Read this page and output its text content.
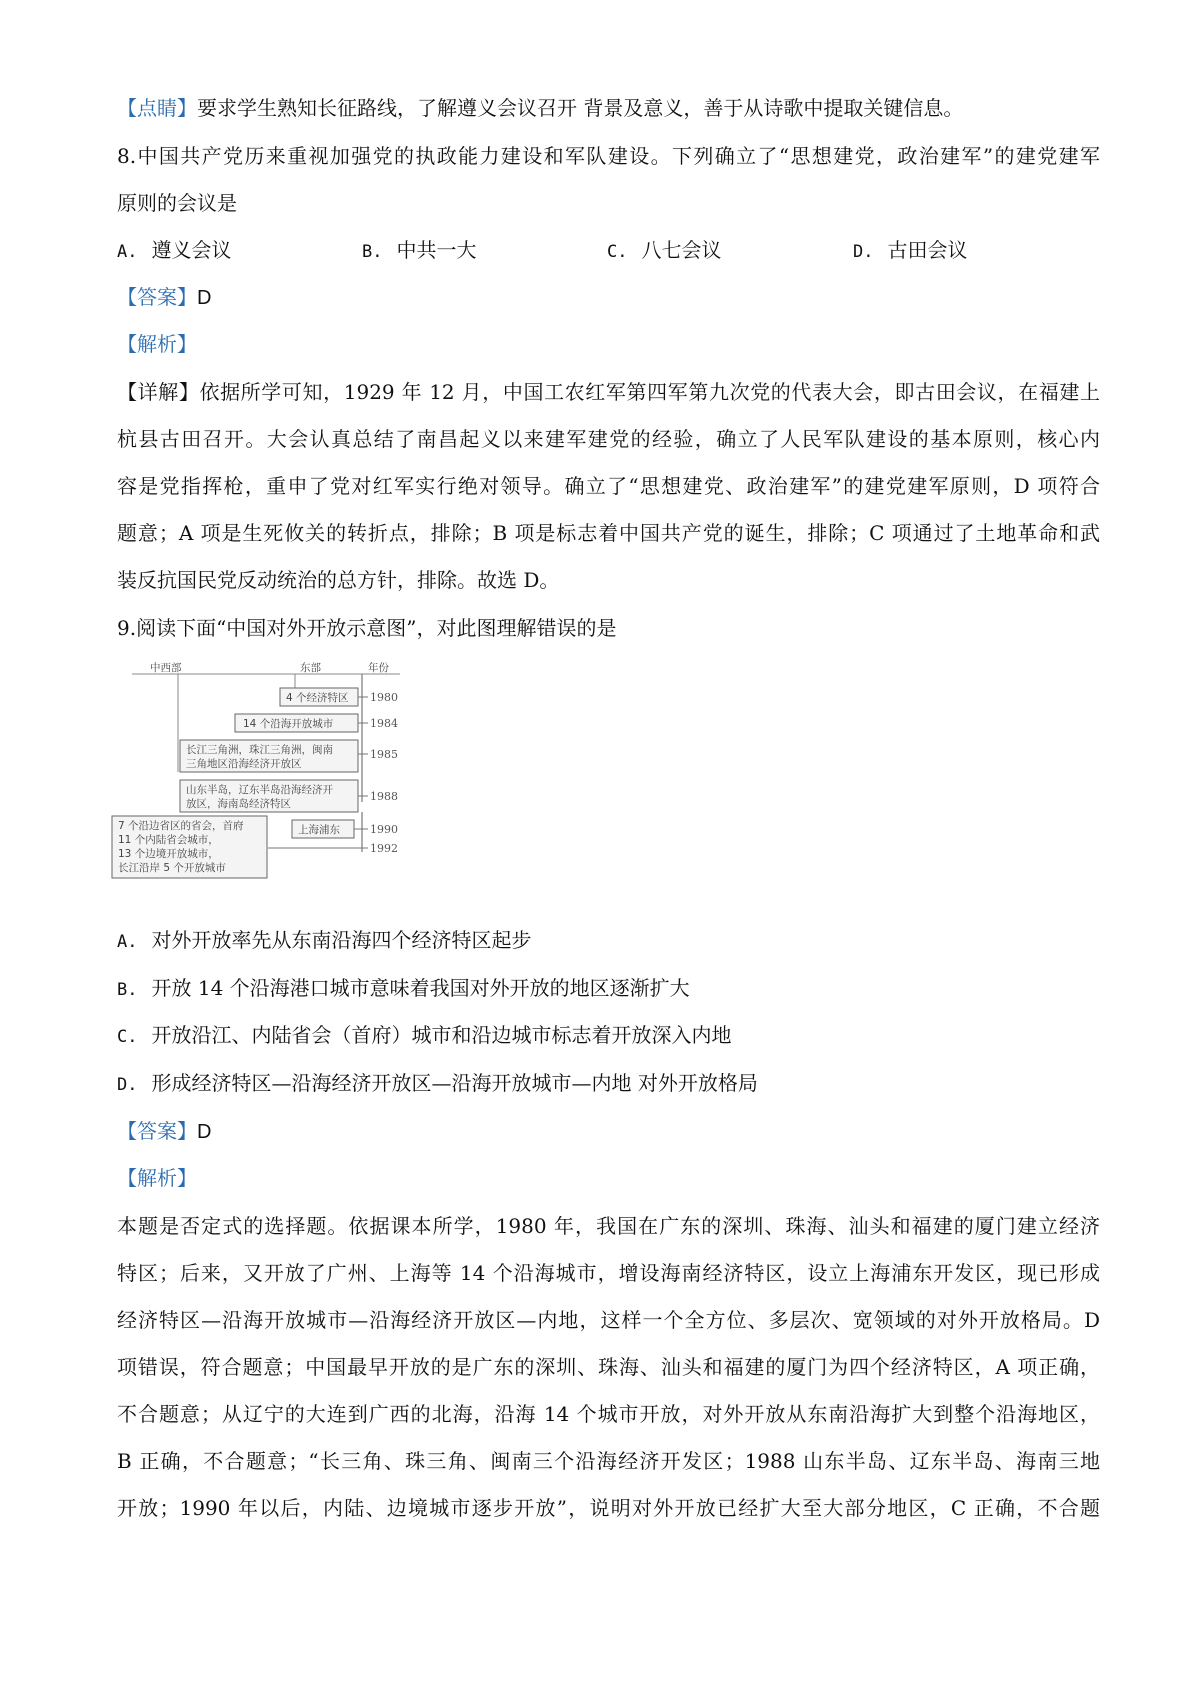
【点睛】要求学生熟知长征路线，了解遵义会议召开 背景及意义，善于从诗歌中提取关键信息。
8.中国共产党历来重视加强党的执政能力建设和军队建设。下列确立了“思想建党，政治建军”的建党建军
原则的会议是
A. 遵义会议	B. 中共一大	C. 八七会议	D. 古田会议
【答案】D
【解析】
【详解】依据所学可知，1929 年 12 月，中国工农红军第四军第九次党的代表大会，即古田会议，在福建上
杭县古田召开。大会认真总结了南昌起义以来建军建党的经验，确立了人民军队建设的基本原则，核心内
容是党指挥枪，重申了党对红军实行绝对领导。确立了“思想建党、政治建军”的建党建军原则，D 项符合
题意；A 项是生死攸关的转折点，排除；B 项是标志着中国共产党的诞生，排除；C 项通过了土地革命和武
装反抗国民党反动统治的总方针，排除。故选 D。
9.阅读下面“中国对外开放示意图”，对此图理解错误的是
中西部	东部	年份
4 个经济特区 1980
14 个沿海开放城市	1984
长江三角洲，珠江三角洲，闽南
三角地区沿海经济开放区
1985
山东半岛，辽东半岛沿海经济开
放区，海南岛经济特区
1988
上海浦东	1990
1992
7 个沿边省区的省会，首府
11 个内陆省会城市，
13 个边境开放城市，
长江沿岸 5 个开放城市
A. 对外开放率先从东南沿海四个经济特区起步
B. 开放 14 个沿海港口城市意味着我国对外开放的地区逐渐扩大
C. 开放沿江、内陆省会（首府）城市和沿边城市标志着开放深入内地
D. 形成经济特区—沿海经济开放区—沿海开放城市—内地 对外开放格局
【答案】D
【解析】
本题是否定式的选择题。依据课本所学，1980 年，我国在广东的深圳、珠海、汕头和福建的厦门建立经济
特区；后来，又开放了广州、上海等 14 个沿海城市，增设海南经济特区，设立上海浦东开发区，现已形成
经济特区—沿海开放城市—沿海经济开放区—内地，这样一个全方位、多层次、宽领域的对外开放格局。D
项错误，符合题意；中国最早开放的是广东的深圳、珠海、汕头和福建的厦门为四个经济特区，A 项正确，
不合题意；从辽宁的大连到广西的北海，沿海 14 个城市开放，对外开放从东南沿海扩大到整个沿海地区，
B 正确，不合题意；“长三角、珠三角、闽南三个沿海经济开发区；1988 山东半岛、辽东半岛、海南三地
开放；1990 年以后，内陆、边境城市逐步开放”，说明对外开放已经扩大至大部分地区，C 正确，不合题
